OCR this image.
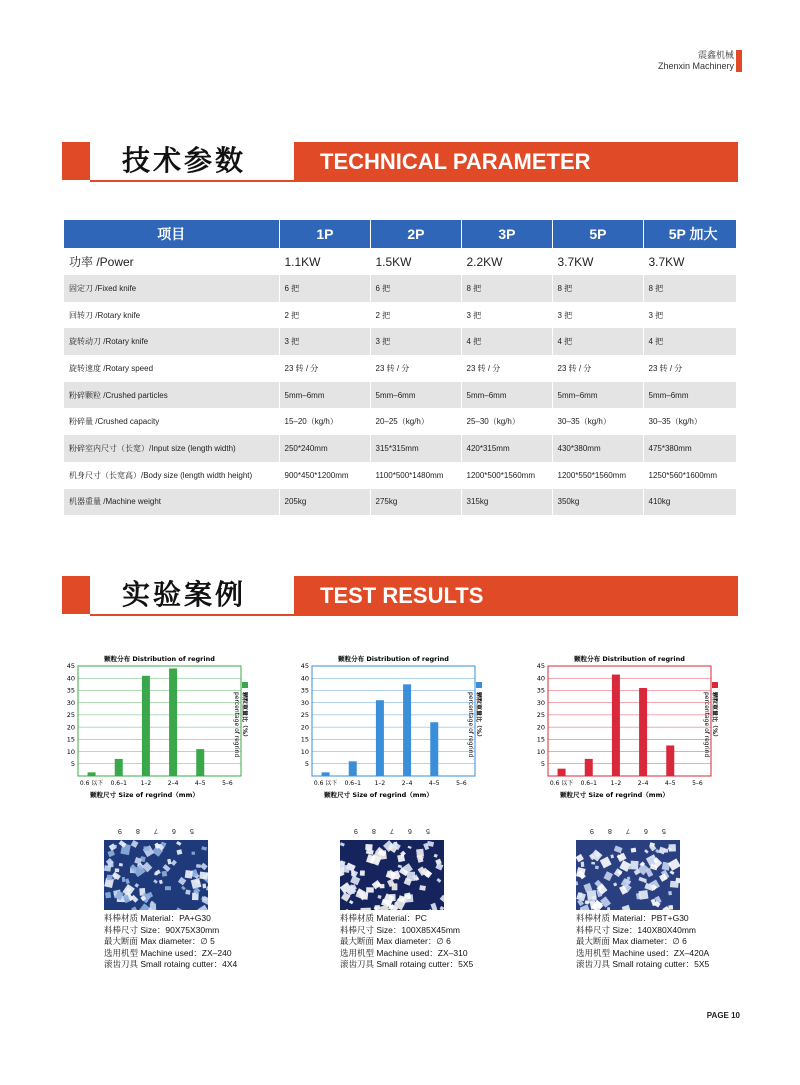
震鑫机械
Zhenxin Machinery
技术参数	TECHNICAL PARAMETER
项目	1P	2P	3P	5P	5P 加大
功率 /Power	1.1KW	1.5KW	2.2KW	3.7KW	3.7KW
固定刀 /Fixed knife	6 把	6 把	8 把	8 把	8 把
回转刀 /Rotary knife	2 把	2 把	3 把	3 把	3 把
旋转动刀 /Rotary knife	3 把	3 把	4 把	4 把	4 把
旋转速度 /Rotary speed	23 转 / 分	23 转 / 分	23 转 / 分	23 转 / 分	23 转 / 分
粉碎颗粒 /Crushed particles	5mm–6mm	5mm–6mm	5mm–6mm	5mm–6mm	5mm–6mm
粉碎量 /Crushed capacity	15–20（kg/h）	20–25（kg/h）	25–30（kg/h）	30–35（kg/h）	30–35（kg/h）
粉碎室内尺寸（长宽）/Input size (length width)	250*240mm	315*315mm	420*315mm	430*380mm	475*380mm
机身尺寸（长宽高）/Body size (length width height)	900*450*1200mm	1100*500*1480mm	1200*500*1560mm	1200*550*1560mm	1250*560*1600mm
机器重量 /Machine weight	205kg	275kg	315kg	350kg	410kg
实验案例	TEST RESULTS
颗粒分布 Distribution of regrind
5
10
15
20
25
30
35
40
45
0.6 以下 0.6–1 1–2	2–4	4–5	5–6
颗粒尺寸 Size of regrind（mm）
颗粒重量比（%）
percentage of regrind
颗粒分布 Distribution of regrind
5
10
15
20
25
30
35
40
45
0.6 以下 0.6–1 1–2	2–4	4–5	5–6
颗粒尺寸 Size of regrind（mm）
颗粒重量比（%）
percentage of regrind
颗粒分布 Distribution of regrind
5
10
15
20
25
30
35
40
45
0.6 以下 0.6–1 1–2	2–4	4–5	5–6
颗粒尺寸 Size of regrind（mm）
颗粒重量比（%）
percentage of regrind
9 8 7 6 5	9 8 7 6 5	9 8 7 6 5
料棒材质 Material：PA+G30
料棒尺寸 Size：90X75X30mm
最大断面 Max diameter：∅ 5
选用机型 Machine used：ZX–240
滚齿刀具 Small rotaing cutter：4X4
料棒材质 Material：PC
料棒尺寸 Size：100X85X45mm
最大断面 Max diameter：∅ 6
选用机型 Machine used：ZX–310
滚齿刀具 Small rotaing cutter：5X5
料棒材质 Material：PBT+G30
料棒尺寸 Size：140X80X40mm
最大断面 Max diameter：∅ 6
选用机型 Machine used：ZX–420A
滚齿刀具 Small rotaing cutter：5X5
PAGE 10
